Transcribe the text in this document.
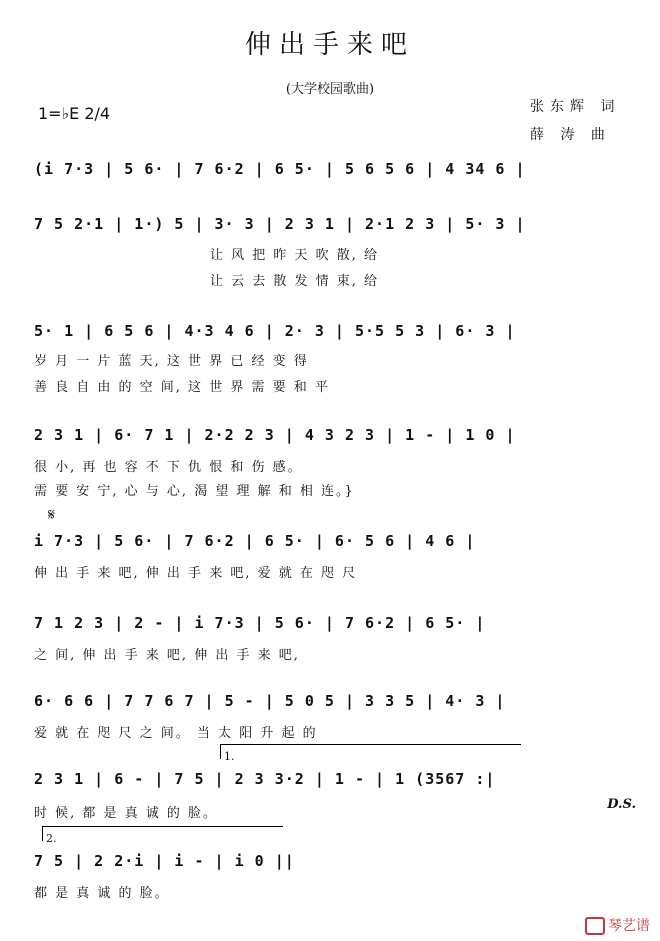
伸出手来吧
(大学校园歌曲)
1=♭E 2/4	张东辉 词
薛 涛 曲
(i 7·3 | 5 6· | 7 6·2 | 6 5· | 5 6 5 6 | 4 34 6 |
7 5 2·1 | 1·) 5 | 3· 3 | 2 3 1 | 2·1 2 3 | 5· 3 |
让 风 把 昨 天 吹 散, 给
让 云 去 散 发 情 束, 给
5· 1 | 6 5 6 | 4·3 4 6 | 2· 3 | 5·5 5 3 | 6· 3 |
岁 月 一 片 蓝 天, 这 世 界 已 经 变 得
善 良 自 由 的 空 间, 这 世 界 需 要 和 平
2 3 1 | 6· 7 1 | 2·2 2 3 | 4 3 2 3 | 1 - | 1 0 |
很 小, 再 也 容 不 下 仇 恨 和 伤 感。
需 要 安 宁, 心 与 心, 渴 望 理 解 和 相 连。}
𝄋
i 7·3 | 5 6· | 7 6·2 | 6 5· | 6· 5 6 | 4 6 |
伸 出 手 来 吧, 伸 出 手 来 吧, 爱 就 在 咫 尺
7 1 2 3 | 2 - | i 7·3 | 5 6· | 7 6·2 | 6 5· |
之 间, 伸 出 手 来 吧, 伸 出 手 来 吧,
6· 6 6 | 7 7 6 7 | 5 - | 5 0 5 | 3 3 5 | 4· 3 |
爱 就 在 咫 尺 之 间。 当 太 阳 升 起 的
1.
2 3 1 | 6 - | 7 5 | 2 3 3·2 | 1 - | 1 (3567 :|
时 候, 都 是 真 诚 的 脸。
D.S.
2.
7 5 | 2 2·i | i - | i 0 ||
都 是 真 诚 的 脸。
琴艺谱
